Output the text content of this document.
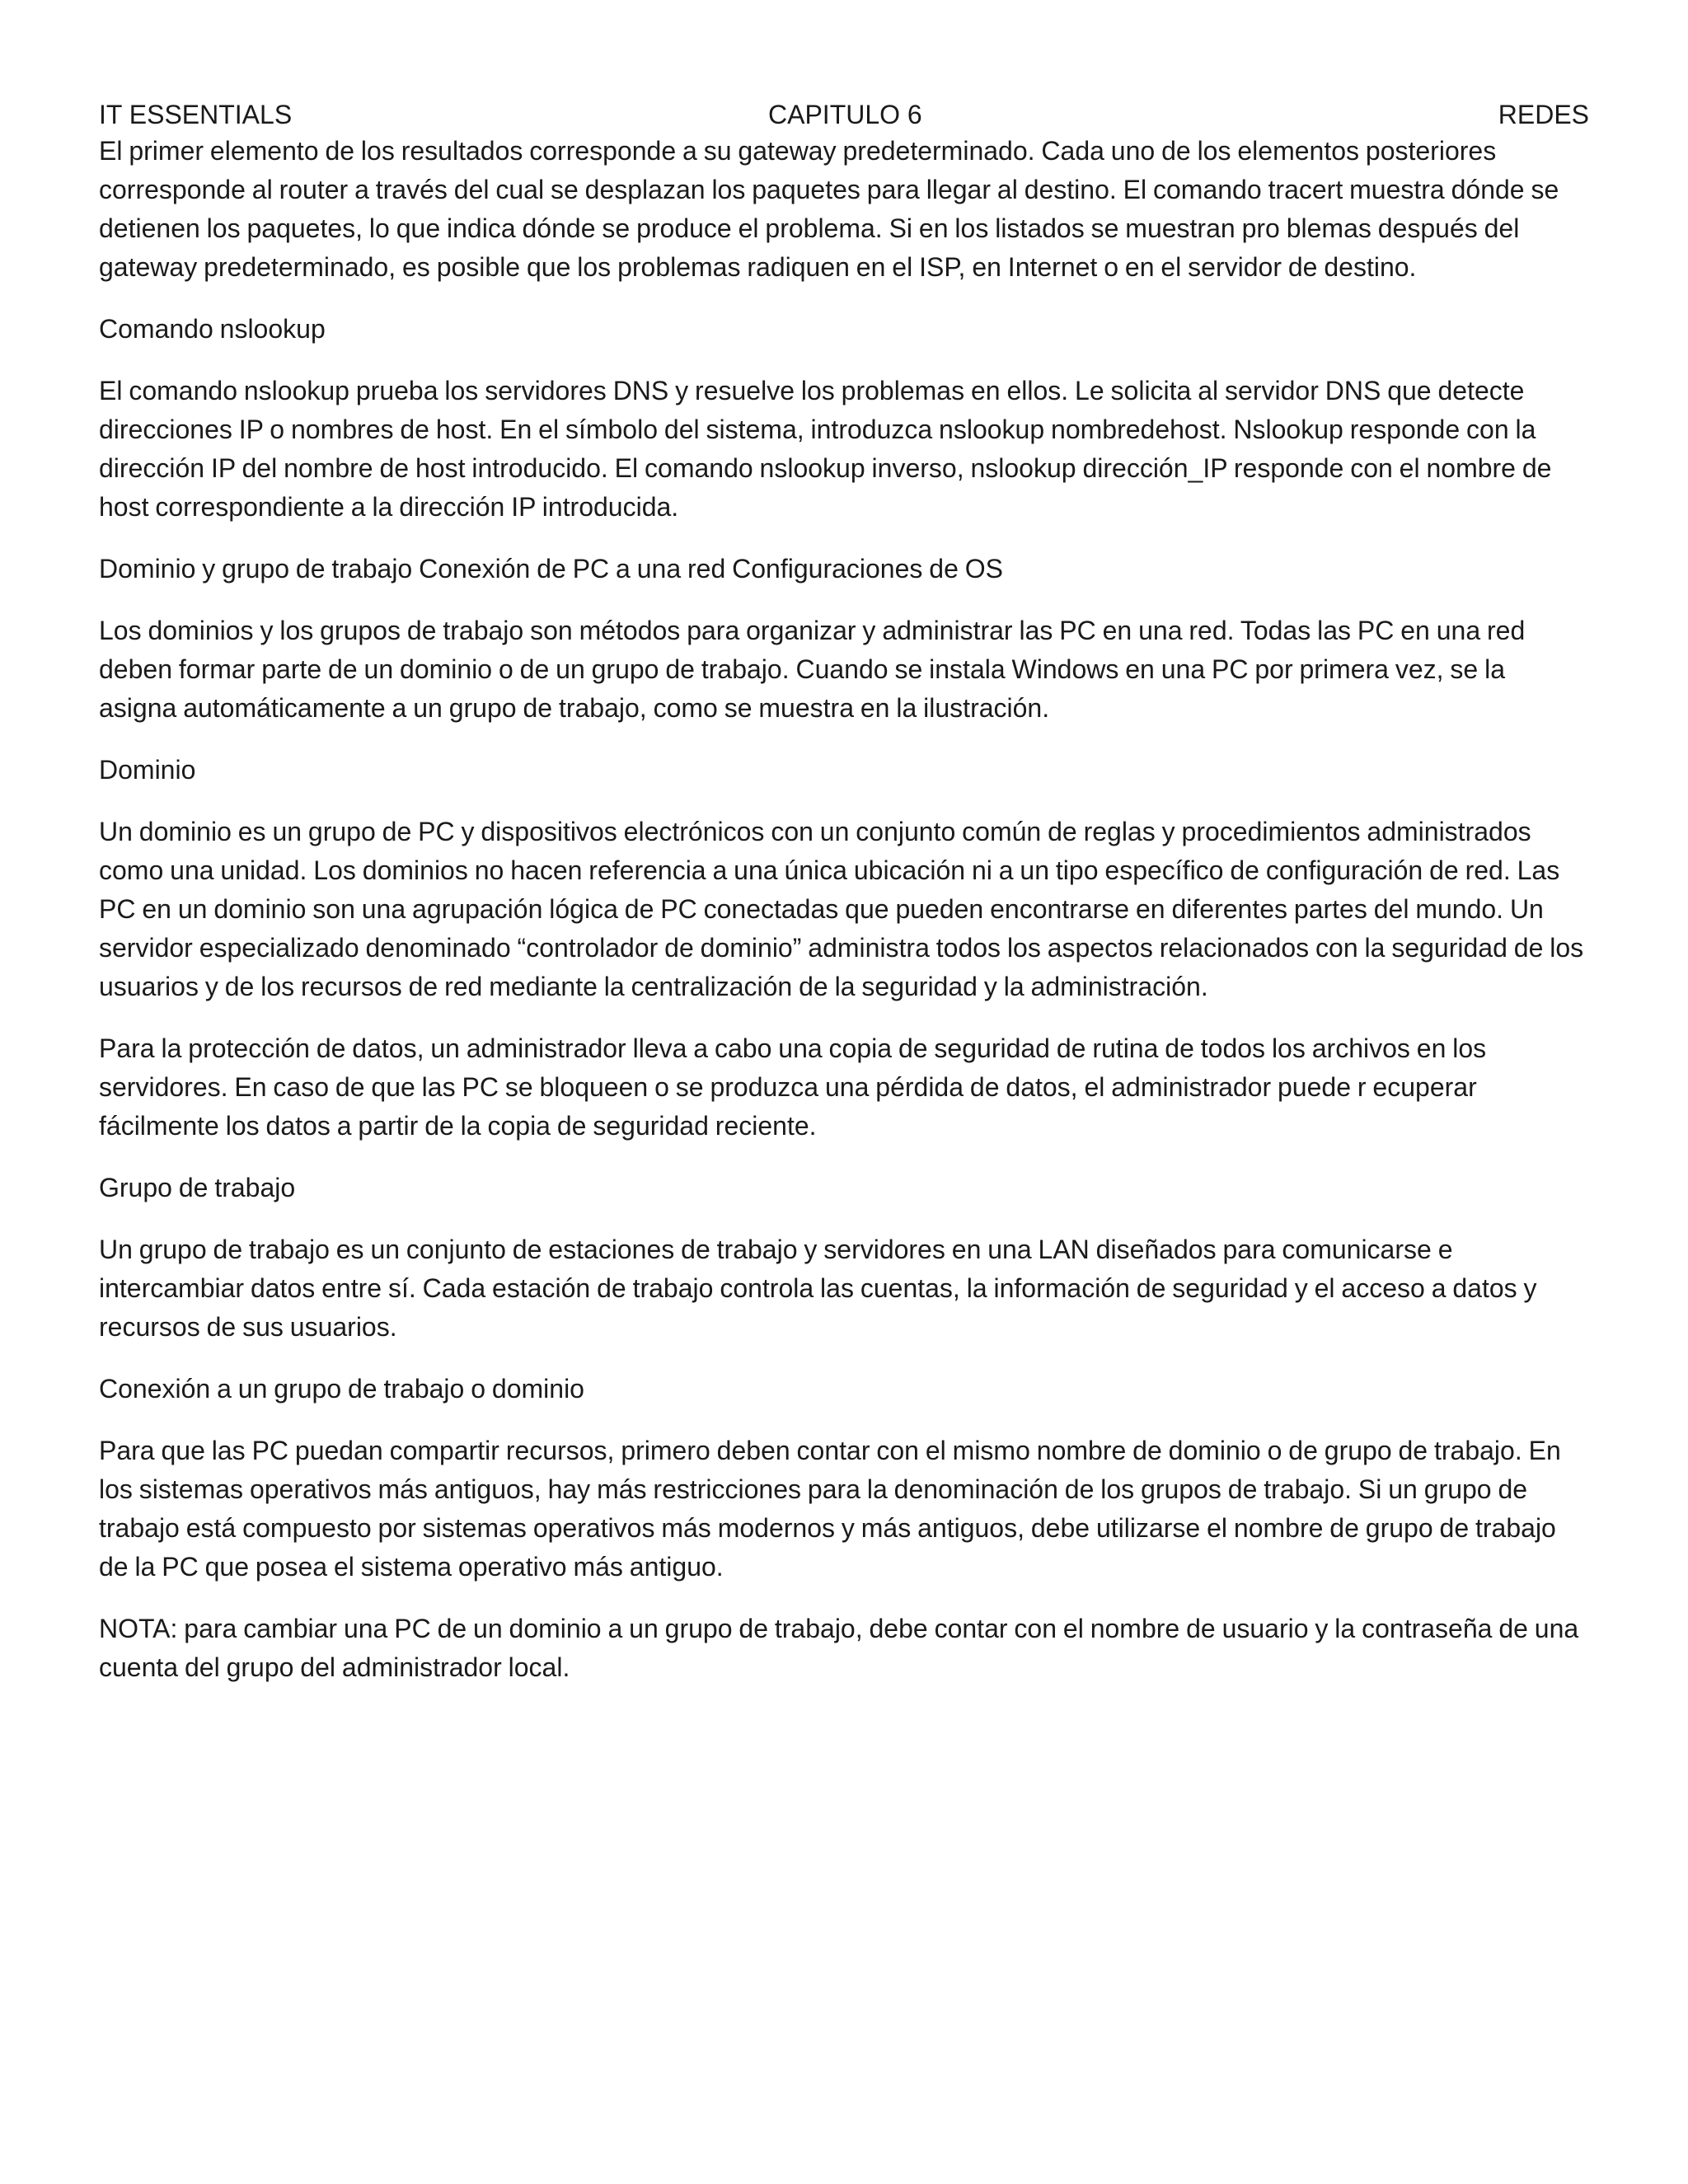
IT ESSENTIALS	CAPITULO 6	REDES

El primer elemento de los resultados corresponde a su gateway predeterminado. Cada uno de los elementos posteriores corresponde al router a través del cual se desplazan los paquetes para llegar al destino. El comando tracert muestra dónde se detienen los paquetes, lo que indica dónde se produce el problema. Si en los listados se muestran pro blemas después del gateway predeterminado, es posible que los problemas radiquen en el ISP, en Internet o en el servidor de destino.

Comando nslookup

El comando nslookup prueba los servidores DNS y resuelve los problemas en ellos. Le solicita al servidor DNS que detecte direcciones IP o nombres de host. En el símbolo del sistema, introduzca nslookup nombredehost. Nslookup responde con la dirección IP del nombre de host introducido. El comando nslookup inverso, nslookup dirección_IP responde con el nombre de host correspondiente a la dirección IP introducida.

Dominio y grupo de trabajo Conexión de PC a una red Configuraciones de OS

Los dominios y los grupos de trabajo son métodos para organizar y administrar las PC en una red. Todas las PC en una red deben formar parte de un dominio o de un grupo de trabajo. Cuando se instala Windows en una PC por primera vez, se la asigna automáticamente a un grupo de trabajo, como se muestra en la ilustración.

Dominio

Un dominio es un grupo de PC y dispositivos electrónicos con un conjunto común de reglas y procedimientos administrados como una unidad. Los dominios no hacen referencia a una única ubicación ni a un tipo específico de configuración de red. Las PC en un dominio son una agrupación lógica de PC conectadas que pueden encontrarse en diferentes partes del mundo. Un servidor especializado denominado “controlador de dominio” administra todos los aspectos relacionados con la seguridad de los usuarios y de los recursos de red mediante la centralización de la seguridad y la administración.

Para la protección de datos, un administrador lleva a cabo una copia de seguridad de rutina de todos los archivos en los servidores. En caso de que las PC se bloqueen o se produzca una pérdida de datos, el administrador puede r ecuperar fácilmente los datos a partir de la copia de seguridad reciente.

Grupo de trabajo

Un grupo de trabajo es un conjunto de estaciones de trabajo y servidores en una LAN diseñados para comunicarse e intercambiar datos entre sí. Cada estación de trabajo controla las cuentas, la información de seguridad y el acceso a datos y recursos de sus usuarios.

Conexión a un grupo de trabajo o dominio

Para que las PC puedan compartir recursos, primero deben contar con el mismo nombre de dominio o de grupo de trabajo. En los sistemas operativos más antiguos, hay más restricciones para la denominación de los grupos de trabajo. Si un grupo de trabajo está compuesto por sistemas operativos más modernos y más antiguos, debe utilizarse el nombre de grupo de trabajo de la PC que posea el sistema operativo más antiguo.

NOTA: para cambiar una PC de un dominio a un grupo de trabajo, debe contar con el nombre de usuario y la contraseña de una cuenta del grupo del administrador local.
